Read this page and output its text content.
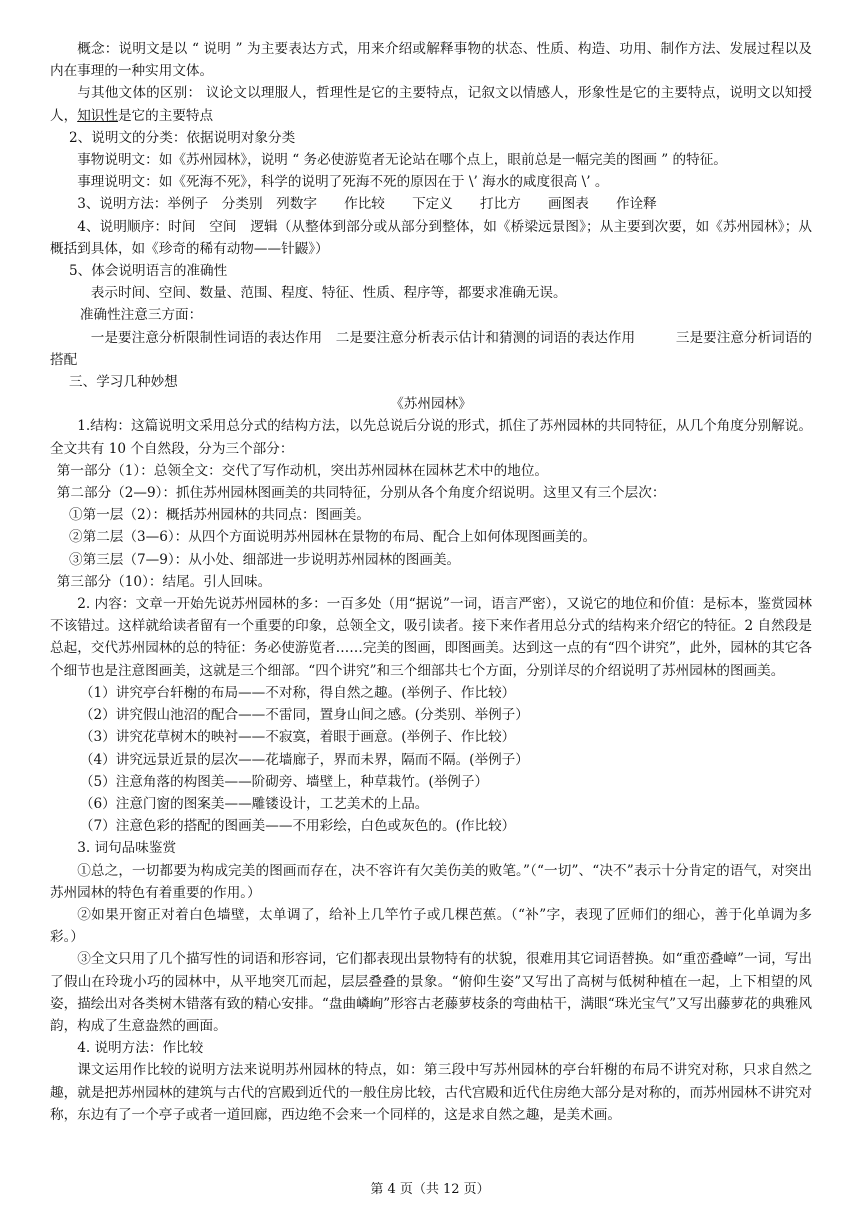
概念：说明文是以 “ 说明 ” 为主要表达方式，用来介绍或解释事物的状态、性质、构造、功用、制作方法、发展过程以及内在事理的一种实用文体。

与其他文体的区别： 议论文以理服人，哲理性是它的主要特点，记叙文以情感人，形象性是它的主要特点，说明文以知授人，知识性是它的主要特点

2、说明文的分类：依据说明对象分类

事物说明文：如《苏州园林》，说明 “ 务必使游览者无论站在哪个点上，眼前总是一幅完美的图画 ” 的特征。

事理说明文：如《死海不死》，科学的说明了死海不死的原因在于 \’ 海水的咸度很高 \’ 。

3、说明方法：举例子　分类别　列数字　　作比较　　下定义　　打比方　　画图表　　作诠释

4、说明顺序：时间　空间　逻辑（从整体到部分或从部分到整体，如《桥梁远景图》；从主要到次要，如《苏州园林》；从概括到具体，如《珍奇的稀有动物——针鼹》）

5、体会说明语言的准确性

表示时间、空间、数量、范围、程度、特征、性质、程序等，都要求准确无误。

准确性注意三方面：

一是要注意分析限制性词语的表达作用　二是要注意分析表示估计和猜测的词语的表达作用　　　三是要注意分析词语的搭配

三、学习几种妙想

《苏州园林》

1.结构：这篇说明文采用总分式的结构方法，以先总说后分说的形式，抓住了苏州园林的共同特征，从几个角度分别解说。全文共有 10 个自然段，分为三个部分：

第一部分（1）：总领全文：交代了写作动机，突出苏州园林在园林艺术中的地位。

第二部分（2—9）：抓住苏州园林图画美的共同特征，分别从各个角度介绍说明。这里又有三个层次：

①第一层（2）：概括苏州园林的共同点：图画美。

②第二层（3—6）：从四个方面说明苏州园林在景物的布局、配合上如何体现图画美的。

③第三层（7—9）：从小处、细部进一步说明苏州园林的图画美。

第三部分（10）：结尾。引人回味。

2. 内容：文章一开始先说苏州园林的多：一百多处（用“据说”一词，语言严密），又说它的地位和价值：是标本，鉴赏园林不该错过。这样就给读者留有一个重要的印象，总领全文，吸引读者。接下来作者用总分式的结构来介绍它的特征。2 自然段是总起，交代苏州园林的总的特征：务必使游览者……完美的图画，即图画美。达到这一点的有“四个讲究”，此外，园林的其它各个细节也是注意图画美，这就是三个细部。“四个讲究”和三个细部共七个方面，分别详尽的介绍说明了苏州园林的图画美。

（1）讲究亭台轩榭的布局——不对称，得自然之趣。(举例子、作比较）

（2）讲究假山池沼的配合——不雷同，置身山间之感。(分类别、举例子）

（3）讲究花草树木的映衬——不寂寞，着眼于画意。(举例子、作比较）

（4）讲究远景近景的层次——花墙廊子，界而未界，隔而不隔。(举例子）

（5）注意角落的构图美——阶砌旁、墙壁上，种草栽竹。(举例子）

（6）注意门窗的图案美——雕镂设计，工艺美术的上品。

（7）注意色彩的搭配的图画美——不用彩绘，白色或灰色的。(作比较）

3. 词句品味鉴赏

①总之，一切都要为构成完美的图画而存在，决不容许有欠美伤美的败笔。”（“一切”、“决不”表示十分肯定的语气，对突出苏州园林的特色有着重要的作用。）

②如果开窗正对着白色墙壁，太单调了，给补上几竿竹子或几棵芭蕉。（“补”字，表现了匠师们的细心，善于化单调为多彩。）

③全文只用了几个描写性的词语和形容词，它们都表现出景物特有的状貌，很难用其它词语替换。如“重峦叠嶂”一词，写出了假山在玲珑小巧的园林中，从平地突兀而起，层层叠叠的景象。“俯仰生姿”又写出了高树与低树种植在一起，上下相望的风姿，描绘出对各类树木错落有致的精心安排。“盘曲嶙峋”形容古老藤萝枝条的弯曲枯干，满眼“珠光宝气”又写出藤萝花的典雅风韵，构成了生意盎然的画面。

4. 说明方法：作比较

课文运用作比较的说明方法来说明苏州园林的特点，如：第三段中写苏州园林的亭台轩榭的布局不讲究对称，只求自然之趣，就是把苏州园林的建筑与古代的宫殿到近代的一般住房比较，古代宫殿和近代住房绝大部分是对称的，而苏州园林不讲究对称，东边有了一个亭子或者一道回廊，西边绝不会来一个同样的，这是求自然之趣，是美术画。

第 4 页（共 12 页）
